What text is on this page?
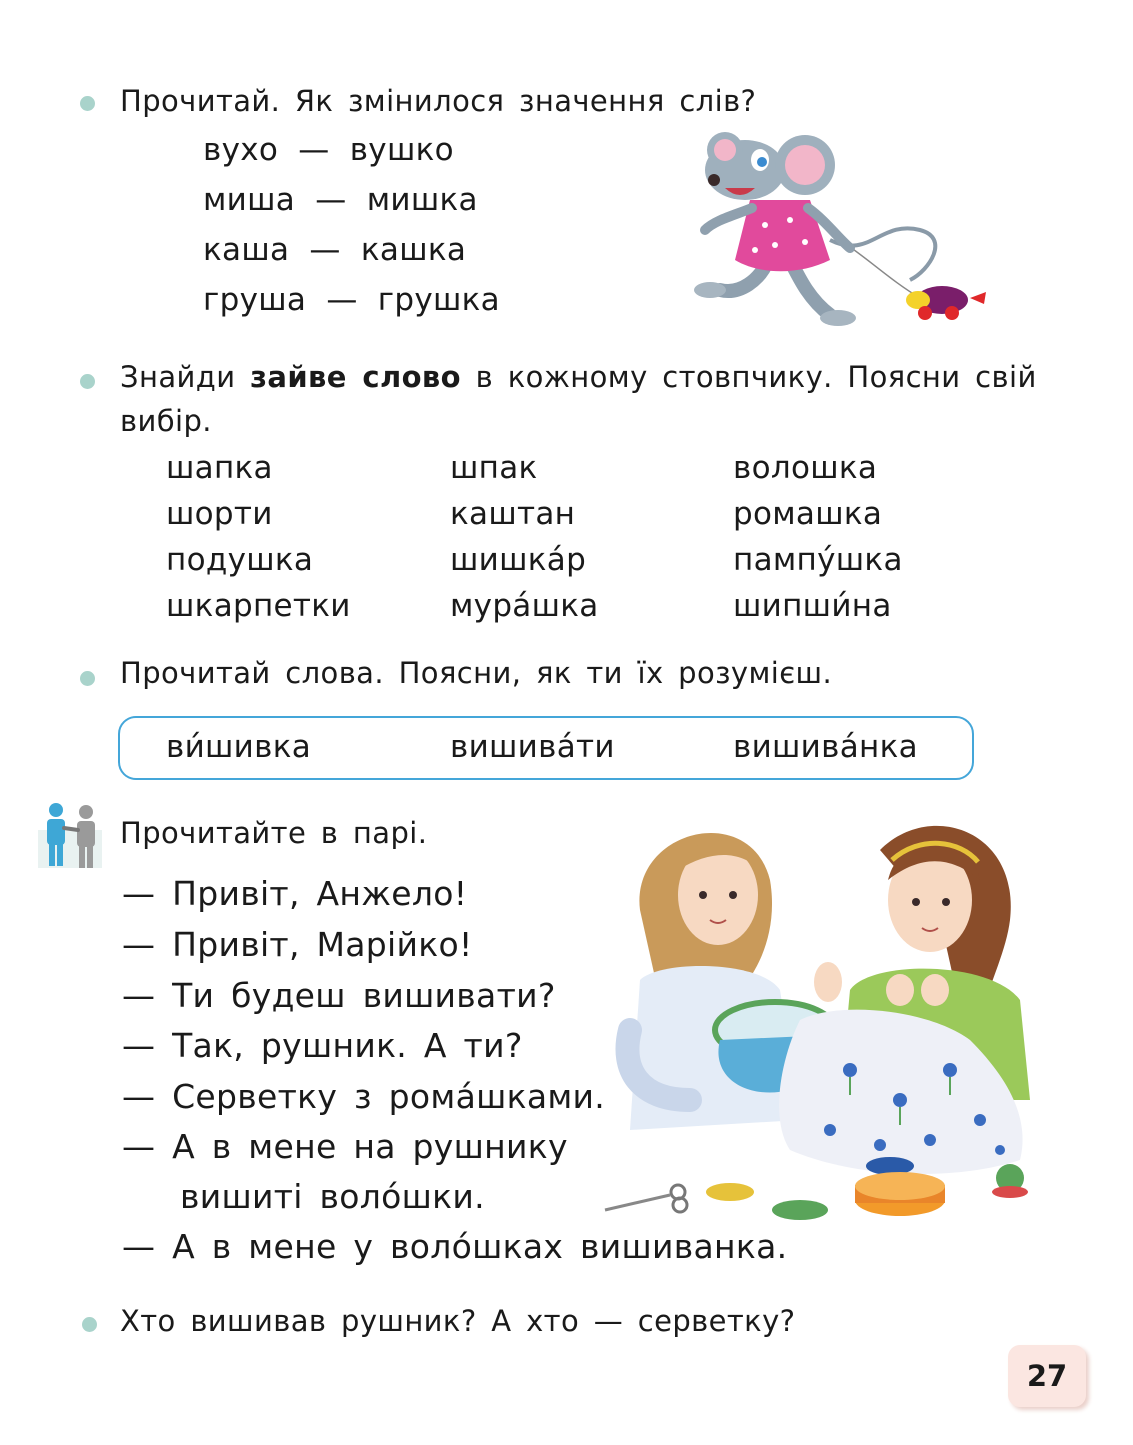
Прочитай. Як змінилося значення слів?

вухо — вушко

миша — мишка

каша — кашка

груша — грушка

Знайди зайве слово в кожному стовпчику. Поясни свій

вибір.

шапка

шорти

подушка

шкарпетки

шпак

каштан

шишка́р

мура́шка

волошка

ромашка

пампу́шка

шипши́на

Прочитай слова. Поясни, як ти їх розумієш.

ви́шивка	вишива́ти	вишива́нка

Прочитайте в парі.

— Привіт, Анжело!

— Привіт, Марійко!

— Ти будеш вишивати?

— Так, рушник. А ти?

— Серветку з рома́шками.

— А в мене на рушнику

вишиті воло́шки.

— А в мене у воло́шках вишиванка.

Хто вишивав рушник? А хто — серветку?

27
